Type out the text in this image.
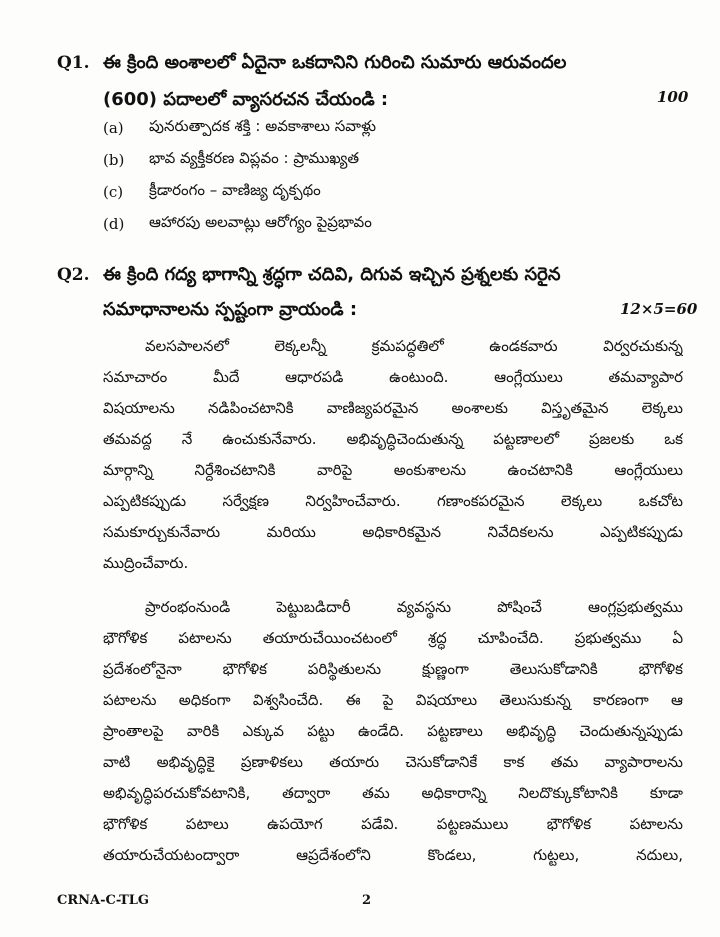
Q1. ఈ క్రింది అంశాలలో ఏదైనా ఒకదానిని గురించి సుమారు ఆరువందల
(600) పదాలలో వ్యాసరచన చేయండి :	100
(a)	పునరుత్పాదక శక్తి : అవకాశాలు సవాళ్లు
(b)	భావ వ్యక్తీకరణ విప్లవం : ప్రాముఖ్యత
(c)	క్రీడారంగం – వాణిజ్య దృక్పథం
(d)	ఆహారపు అలవాట్లు ఆరోగ్యం పైప్రభావం
Q2. ఈ క్రింది గద్య భాగాన్ని శ్రద్ధగా చదివి, దిగువ ఇచ్చిన ప్రశ్నలకు సరైన
సమాధానాలను స్పష్టంగా వ్రాయండి :	12×5=60
వలసపాలనలో లెక్కలన్నీ క్రమపద్ధతిలో ఉండకవారు విర్వరచుకున్న
సమాచారం మీదే ఆధారపడి ఉంటుంది. ఆంగ్లేయులు తమవ్యాపార
విషయాలను నడిపించటానికి వాణిజ్యపరమైన అంశాలకు విస్తృతమైన లెక్కలు
తమవద్ద నే ఉంచుకునేవారు. అభివృద్ధిచెందుతున్న పట్టణాలలో ప్రజలకు ఒక
మార్గాన్ని నిర్దేశించటానికి వారిపై అంకుశాలను ఉంచటానికి ఆంగ్లేయులు
ఎప్పటికప్పుడు సర్వేక్షణ నిర్వహించేవారు. గణాంకపరమైన లెక్కలు ఒకచోట
సమకూర్చుకునేవారు మరియు అధికారికమైన నివేదికలను ఎప్పటికప్పుడు
ముద్రించేవారు.
ప్రారంభంనుండి పెట్టుబడిదారీ వ్యవస్థను పోషించే ఆంగ్లప్రభుత్వము
భౌగోళిక పటాలను తయారుచేయించటంలో శ్రద్ధ చూపించేది. ప్రభుత్వము ఏ
ప్రదేశంలోనైనా భౌగోళిక పరిస్థితులను క్షుణ్ణంగా తెలుసుకోడానికి భౌగోళిక
పటాలను అధికంగా విశ్వసించేది. ఈ పై విషయాలు తెలుసుకున్న కారణంగా ఆ
ప్రాంతాలపై వారికి ఎక్కువ పట్టు ఉండేది. పట్టణాలు అభివృద్ధి చెందుతున్నప్పుడు
వాటి అభివృద్ధికై ప్రణాళికలు తయారు చెసుకోడానికే కాక తమ వ్యాపారాలను
అభివృద్ధిపరచుకోవటానికి, తద్వారా తమ అధికారాన్ని నిలదొక్కుకోటానికి కూడా
భౌగోళిక పటాలు ఉపయోగ పడేవి. పట్టణములు భౌగోళిక పటాలను
తయారుచేయటంద్వారా ఆప్రదేశంలోని కొండలు, గుట్టలు, నదులు,
CRNA-C-TLG	2
